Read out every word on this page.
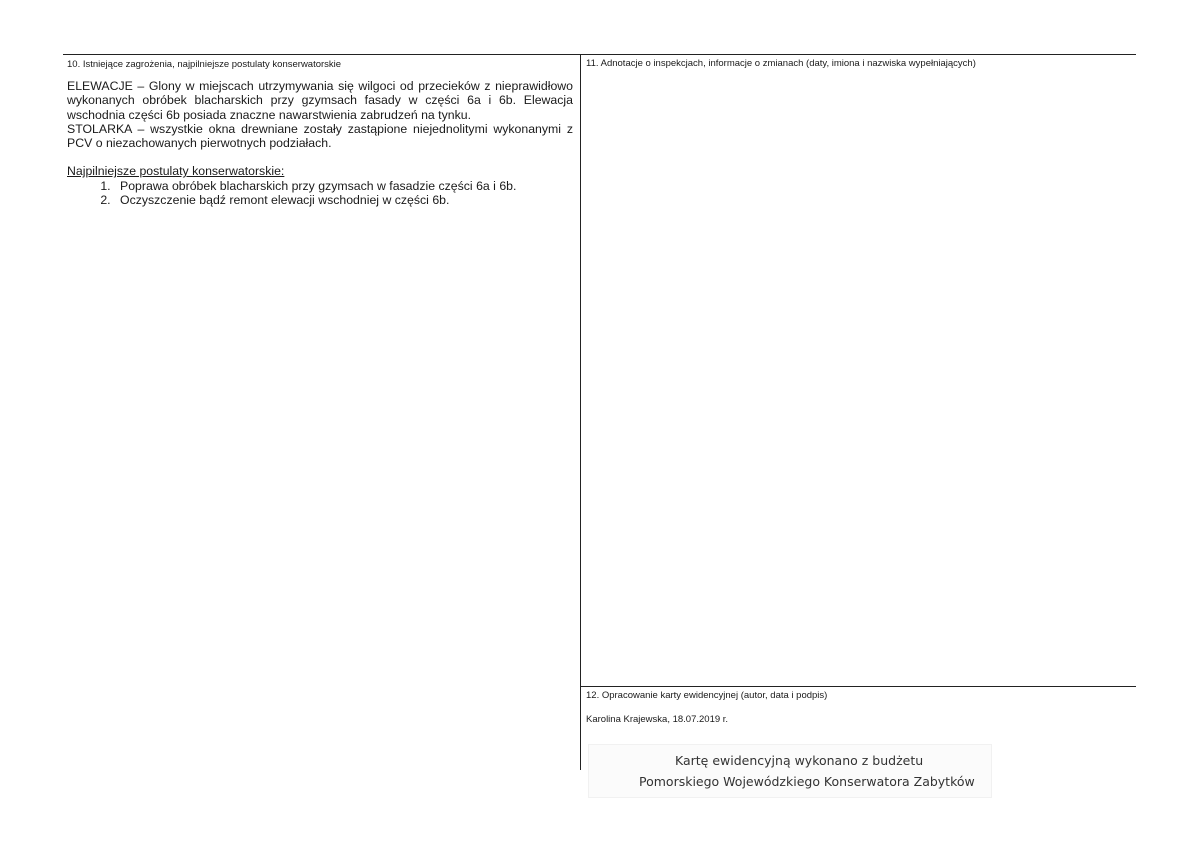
10. Istniejące zagrożenia, najpilniejsze postulaty konserwatorskie

ELEWACJE – Glony w miejscach utrzymywania się wilgoci od przecieków z nieprawidłowo wykonanych obróbek blacharskich przy gzymsach fasady w części 6a i 6b. Elewacja wschodnia części 6b posiada znaczne nawarstwienia zabrudzeń na tynku.

STOLARKA – wszystkie okna drewniane zostały zastąpione niejednolitymi wykonanymi z PCV o niezachowanych pierwotnych podziałach.

Najpilniejsze postulaty konserwatorskie:

1. Poprawa obróbek blacharskich przy gzymsach w fasadzie części 6a i 6b.
2. Oczyszczenie bądź remont elewacji wschodniej w części 6b.
11. Adnotacje o inspekcjach, informacje o zmianach (daty, imiona i nazwiska wypełniających)
12. Opracowanie karty ewidencyjnej (autor, data i podpis)
Karolina Krajewska, 18.07.2019 r.
Kartę ewidencyjną wykonano z budżetu
Pomorskiego Wojewódzkiego Konserwatora Zabytków
